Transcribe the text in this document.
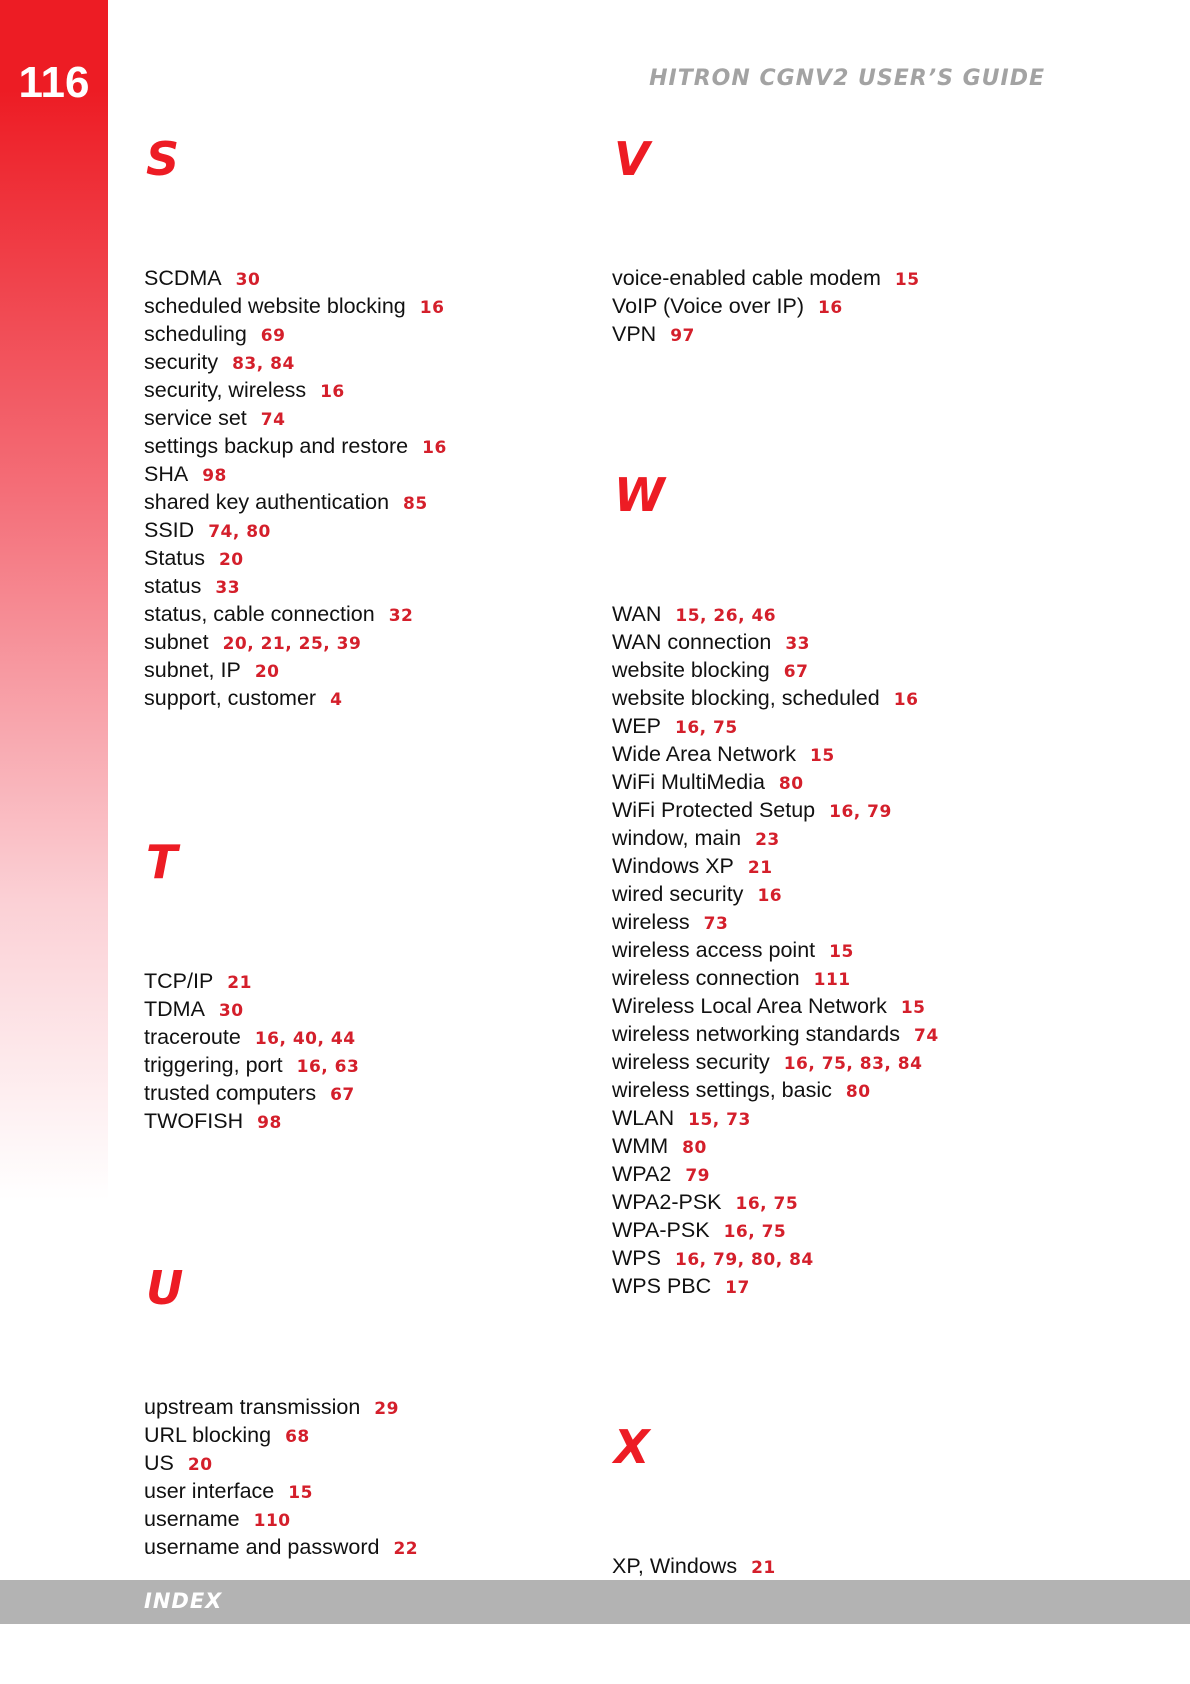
116	HITRON CGNV2 USER’S GUIDE
S
SCDMA 30
scheduled website blocking 16
scheduling 69
security 83, 84
security, wireless 16
service set 74
settings backup and restore 16
SHA 98
shared key authentication 85
SSID 74, 80
Status 20
status 33
status, cable connection 32
subnet 20, 21, 25, 39
subnet, IP 20
support, customer 4
T
TCP/IP 21
TDMA 30
traceroute 16, 40, 44
triggering, port 16, 63
trusted computers 67
TWOFISH 98
U
upstream transmission 29
URL blocking 68
US 20
user interface 15
username 110
username and password 22
V
voice-enabled cable modem 15
VoIP (Voice over IP) 16
VPN 97
W
WAN 15, 26, 46
WAN connection 33
website blocking 67
website blocking, scheduled 16
WEP 16, 75
Wide Area Network 15
WiFi MultiMedia 80
WiFi Protected Setup 16, 79
window, main 23
Windows XP 21
wired security 16
wireless 73
wireless access point 15
wireless connection 111
Wireless Local Area Network 15
wireless networking standards 74
wireless security 16, 75, 83, 84
wireless settings, basic 80
WLAN 15, 73
WMM 80
WPA2 79
WPA2-PSK 16, 75
WPA-PSK 16, 75
WPS 16, 79, 80, 84
WPS PBC 17
X
XP, Windows 21
INDEX
